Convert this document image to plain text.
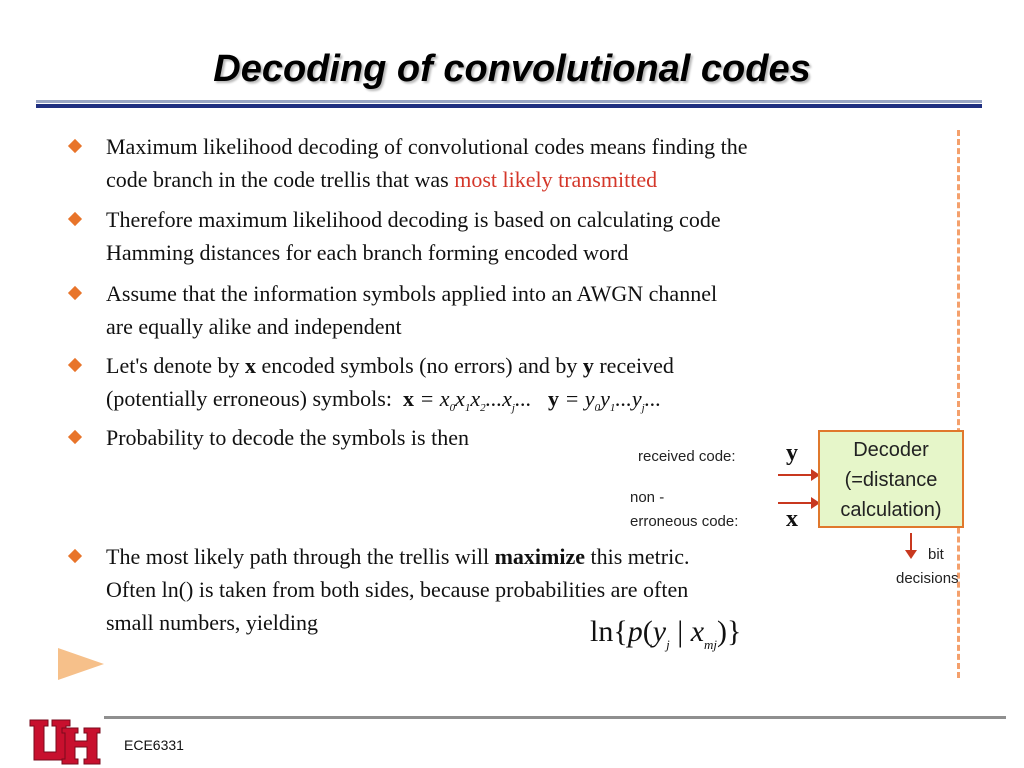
Decoding of convolutional codes
Maximum likelihood decoding of convolutional codes means finding the
code branch in the code trellis that was most likely transmitted
Therefore maximum likelihood decoding is based on calculating code
Hamming distances for each branch forming encoded word
Assume that the information symbols applied into an AWGN channel
are equally alike and independent
Let's denote by x encoded symbols (no errors) and by y received
(potentially erroneous) symbols: $x = x_0x_1x_2...x_j$... $y = y_0y_1...y_j$...
Probability to decode the symbols is then
received code: y
non -
erroneous code: x
Decoder
(=distance
calculation)
bit
decisions
The most likely path through the trellis will maximize this metric.
Often ln() is taken from both sides, because probabilities are often
small numbers, yielding	$\ln\{p(y_j$ | $x_{mj}$)}
ECE6331
